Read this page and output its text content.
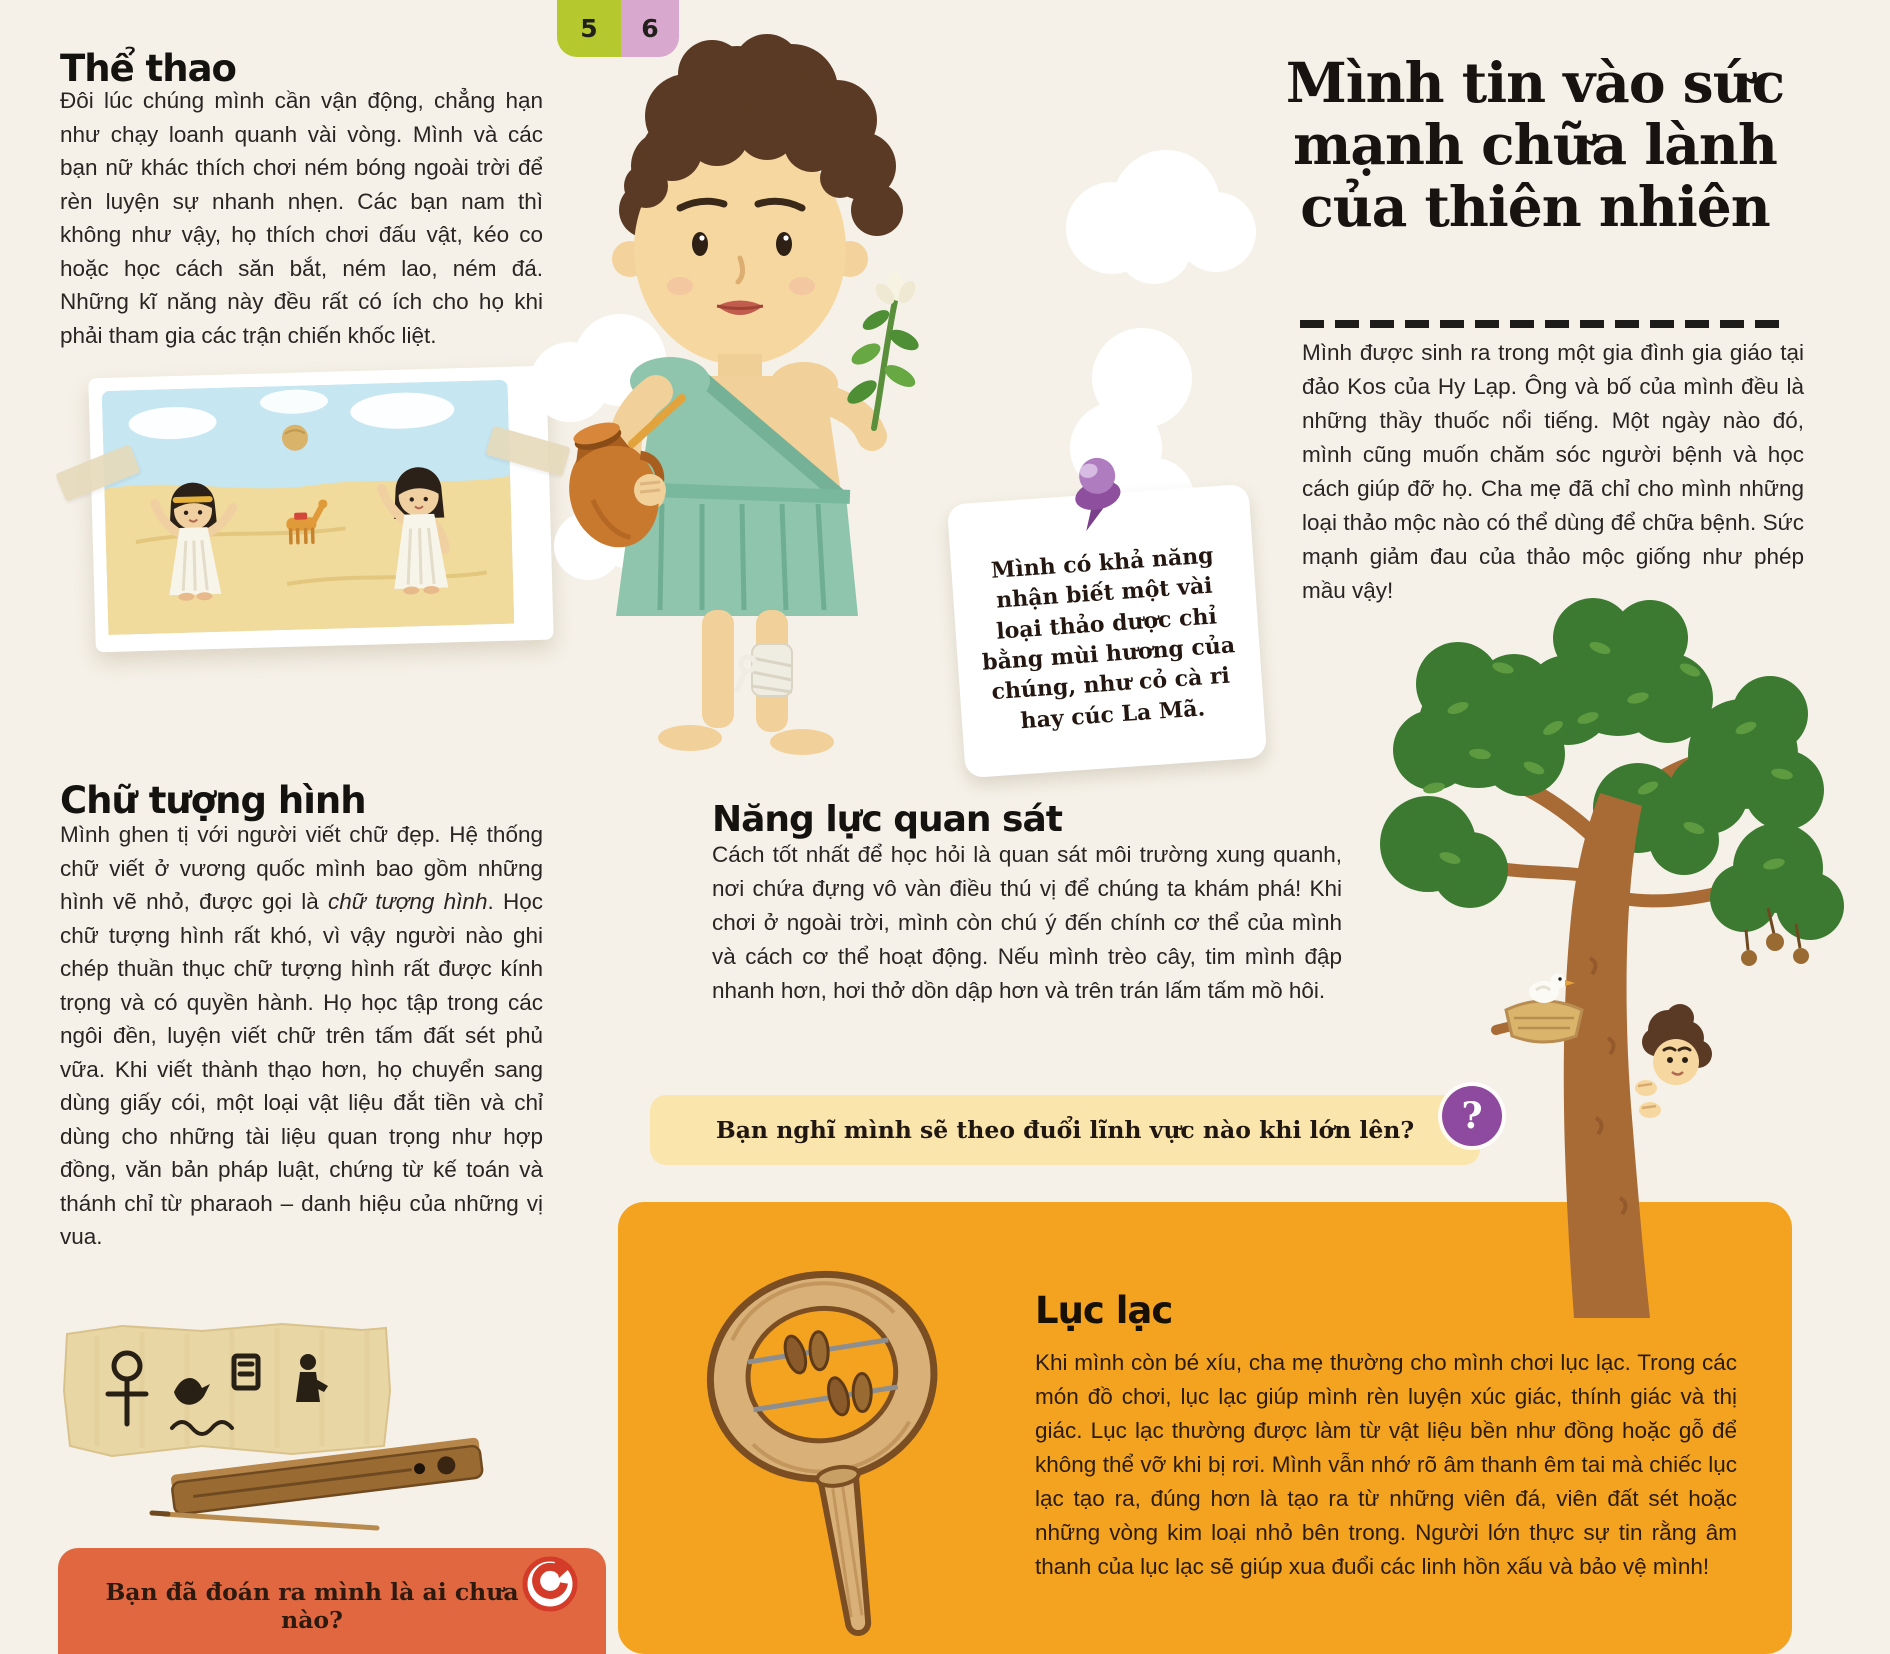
5 6
Thể thao

Đôi lúc chúng mình cần vận động, chẳng hạn như chạy loanh quanh vài vòng. Mình và các bạn nữ khác thích chơi ném bóng ngoài trời để rèn luyện sự nhanh nhẹn. Các bạn nam thì không như vậy, họ thích chơi đấu vật, kéo co hoặc học cách săn bắt, ném lao, ném đá. Những kĩ năng này đều rất có ích cho họ khi phải tham gia các trận chiến khốc liệt.

Chữ tượng hình

Mình ghen tị với người viết chữ đẹp. Hệ thống chữ viết ở vương quốc mình bao gồm những hình vẽ nhỏ, được gọi là chữ tượng hình. Học chữ tượng hình rất khó, vì vậy người nào ghi chép thuần thục chữ tượng hình rất được kính trọng và có quyền hành. Họ học tập trong các ngôi đền, luyện viết chữ trên tấm đất sét phủ vữa. Khi viết thành thạo hơn, họ chuyển sang dùng giấy cói, một loại vật liệu đắt tiền và chỉ dùng cho những tài liệu quan trọng như hợp đồng, văn bản pháp luật, chứng từ kế toán và thánh chỉ từ pharaoh – danh hiệu của những vị vua.

Bạn đã đoán ra mình là ai chưa nào?
Mình có khả năng nhận biết một vài loại thảo dược chỉ bằng mùi hương của chúng, như cỏ cà ri hay cúc La Mã.
Năng lực quan sát

Cách tốt nhất để học hỏi là quan sát môi trường xung quanh, nơi chứa đựng vô vàn điều thú vị để chúng ta khám phá! Khi chơi ở ngoài trời, mình còn chú ý đến chính cơ thể của mình và cách cơ thể hoạt động. Nếu mình trèo cây, tim mình đập nhanh hơn, hơi thở dồn dập hơn và trên trán lấm tấm mồ hôi.

Bạn nghĩ mình sẽ theo đuổi lĩnh vực nào khi lớn lên? ?
Lục lạc

Khi mình còn bé xíu, cha mẹ thường cho mình chơi lục lạc. Trong các món đồ chơi, lục lạc giúp mình rèn luyện xúc giác, thính giác và thị giác. Lục lạc thường được làm từ vật liệu bền như đồng hoặc gỗ để không thể vỡ khi bị rơi. Mình vẫn nhớ rõ âm thanh êm tai mà chiếc lục lạc tạo ra, đúng hơn là tạo ra từ những viên đá, viên đất sét hoặc những vòng kim loại nhỏ bên trong. Người lớn thực sự tin rằng âm thanh của lục lạc sẽ giúp xua đuổi các linh hồn xấu và bảo vệ mình!

Mình tin vào sức
mạnh chữa lành
của thiên nhiên

Mình được sinh ra trong một gia đình gia giáo tại đảo Kos của Hy Lạp. Ông và bố của mình đều là những thầy thuốc nổi tiếng. Một ngày nào đó, mình cũng muốn chăm sóc người bệnh và học cách giúp đỡ họ. Cha mẹ đã chỉ cho mình những loại thảo mộc nào có thể dùng để chữa bệnh. Sức mạnh giảm đau của thảo mộc giống như phép mầu vậy!
